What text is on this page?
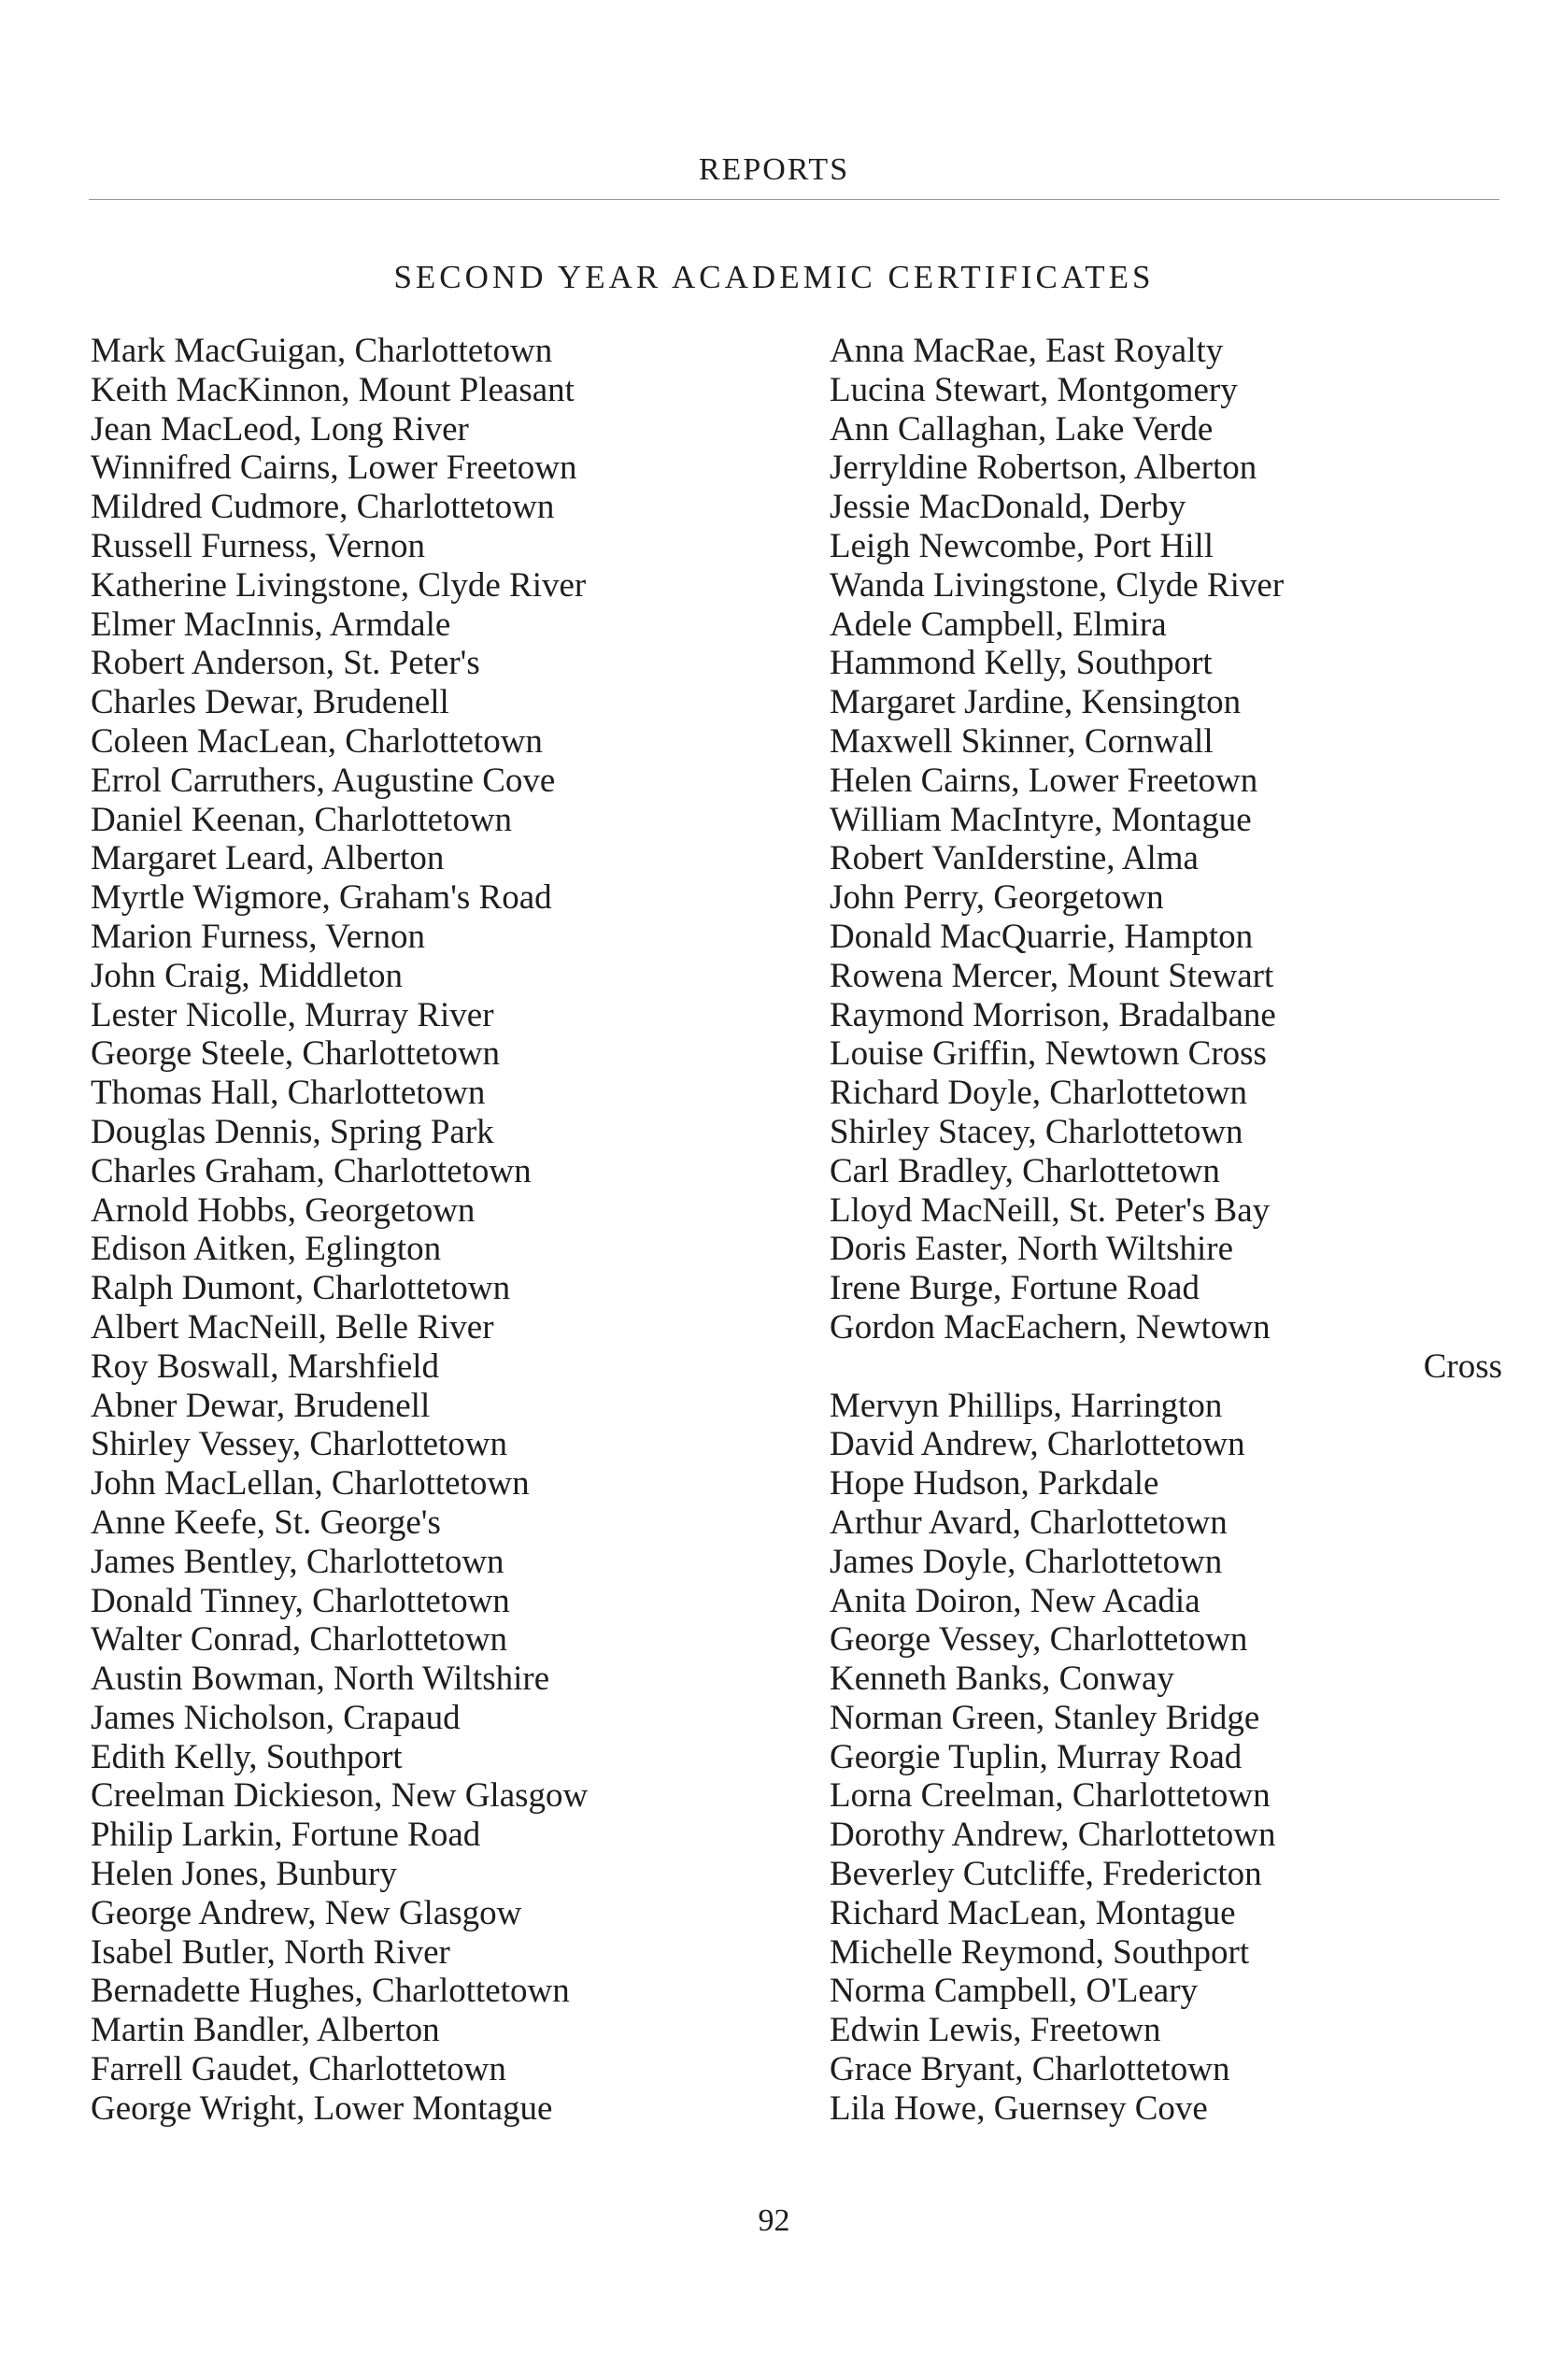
REPORTS
SECOND YEAR ACADEMIC CERTIFICATES
Mark MacGuigan, Charlottetown
Keith MacKinnon, Mount Pleasant
Jean MacLeod, Long River
Winnifred Cairns, Lower Freetown
Mildred Cudmore, Charlottetown
Russell Furness, Vernon
Katherine Livingstone, Clyde River
Elmer MacInnis, Armdale
Robert Anderson, St. Peter's
Charles Dewar, Brudenell
Coleen MacLean, Charlottetown
Errol Carruthers, Augustine Cove
Daniel Keenan, Charlottetown
Margaret Leard, Alberton
Myrtle Wigmore, Graham's Road
Marion Furness, Vernon
John Craig, Middleton
Lester Nicolle, Murray River
George Steele, Charlottetown
Thomas Hall, Charlottetown
Douglas Dennis, Spring Park
Charles Graham, Charlottetown
Arnold Hobbs, Georgetown
Edison Aitken, Eglington
Ralph Dumont, Charlottetown
Albert MacNeill, Belle River
Roy Boswall, Marshfield
Abner Dewar, Brudenell
Shirley Vessey, Charlottetown
John MacLellan, Charlottetown
Anne Keefe, St. George's
James Bentley, Charlottetown
Donald Tinney, Charlottetown
Walter Conrad, Charlottetown
Austin Bowman, North Wiltshire
James Nicholson, Crapaud
Edith Kelly, Southport
Creelman Dickieson, New Glasgow
Philip Larkin, Fortune Road
Helen Jones, Bunbury
George Andrew, New Glasgow
Isabel Butler, North River
Bernadette Hughes, Charlottetown
Martin Bandler, Alberton
Farrell Gaudet, Charlottetown
George Wright, Lower Montague
Anna MacRae, East Royalty
Lucina Stewart, Montgomery
Ann Callaghan, Lake Verde
Jerryldine Robertson, Alberton
Jessie MacDonald, Derby
Leigh Newcombe, Port Hill
Wanda Livingstone, Clyde River
Adele Campbell, Elmira
Hammond Kelly, Southport
Margaret Jardine, Kensington
Maxwell Skinner, Cornwall
Helen Cairns, Lower Freetown
William MacIntyre, Montague
Robert VanIderstine, Alma
John Perry, Georgetown
Donald MacQuarrie, Hampton
Rowena Mercer, Mount Stewart
Raymond Morrison, Bradalbane
Louise Griffin, Newtown Cross
Richard Doyle, Charlottetown
Shirley Stacey, Charlottetown
Carl Bradley, Charlottetown
Lloyd MacNeill, St. Peter's Bay
Doris Easter, North Wiltshire
Irene Burge, Fortune Road
Gordon MacEachern, Newtown
Cross
Mervyn Phillips, Harrington
David Andrew, Charlottetown
Hope Hudson, Parkdale
Arthur Avard, Charlottetown
James Doyle, Charlottetown
Anita Doiron, New Acadia
George Vessey, Charlottetown
Kenneth Banks, Conway
Norman Green, Stanley Bridge
Georgie Tuplin, Murray Road
Lorna Creelman, Charlottetown
Dorothy Andrew, Charlottetown
Beverley Cutcliffe, Fredericton
Richard MacLean, Montague
Michelle Reymond, Southport
Norma Campbell, O'Leary
Edwin Lewis, Freetown
Grace Bryant, Charlottetown
Lila Howe, Guernsey Cove
92
